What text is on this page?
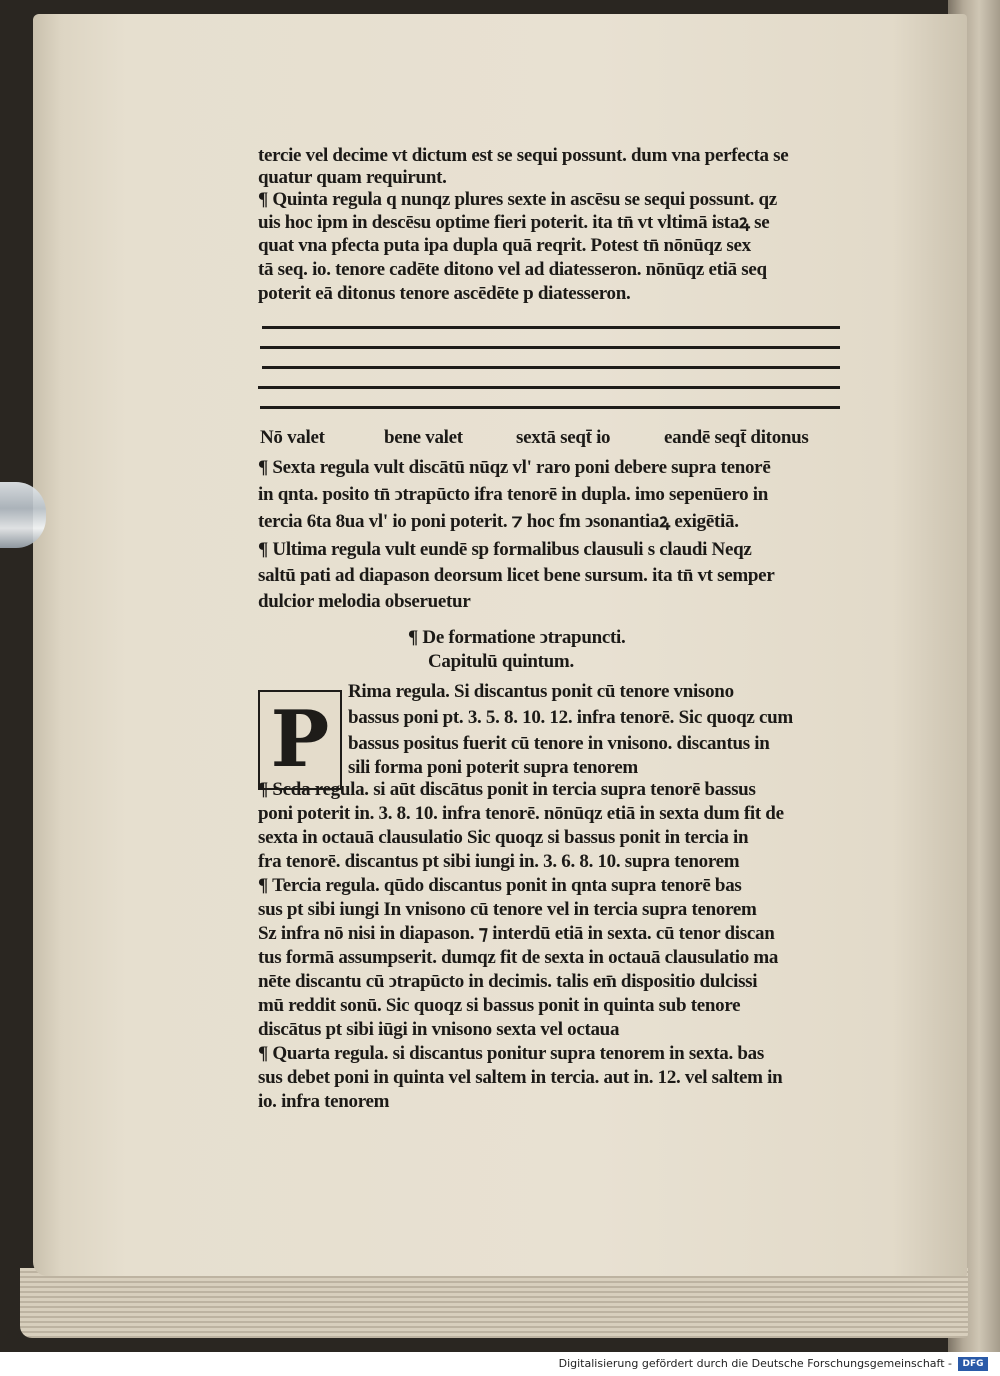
tercie vel decime vt dictum est se sequi possunt. dum vna perfecta se
quatur quam requirunt.
¶ Quinta regula q nunqz plures sexte in ascēsu se sequi possunt. qz
uis hoc ipm in descēsu optime fieri poterit. ita tn̄ vt vltimā istaꝝ se
quat vna pfecta puta ipa dupla quā reqrit. Potest tn̄ nōnūqz sex
tā seq. io. tenore cadēte ditono vel ad diatesseron. nōnūqz etiā seq
poterit eā ditonus tenore ascēdēte p diatesseron.
Nō valet	bene valet	sextā seqt̄ io	eandē seqt̄ ditonus
¶ Sexta regula vult discātū nūqz vl' raro poni debere supra tenorē
in qnta. posito tn̄ ↄtrapūcto ifra tenorē in dupla. imo sepenūero in
tercia 6ta 8ua vl' io poni poterit. ⁊ hoc fm ↄsonantiaꝝ exigētiā.
¶ Ultima regula vult eundē sp formalibus clausuli s claudi Neqz
saltū pati ad diapason deorsum licet bene sursum. ita tn̄ vt semper
dulcior melodia obseruetur
¶ De formatione ↄtrapuncti.
Capitulū quintum.
P
Rima regula. Si discantus ponit cū tenore vnisono
bassus poni pt. 3. 5. 8. 10. 12. infra tenorē. Sic quoqz cum
bassus positus fuerit cū tenore in vnisono. discantus in
sili forma poni poterit supra tenorem
¶ Scda regula. si aūt discātus ponit in tercia supra tenorē bassus
poni poterit in. 3. 8. 10. infra tenorē. nōnūqz etiā in sexta dum fit de
sexta in octauā clausulatio Sic quoqz si bassus ponit in tercia in
fra tenorē. discantus pt sibi iungi in. 3. 6. 8. 10. supra tenorem
¶ Tercia regula. qūdo discantus ponit in qnta supra tenorē bas
sus pt sibi iungi In vnisono cū tenore vel in tercia supra tenorem
Sz infra nō nisi in diapason. ⁊ interdū etiā in sexta. cū tenor discan
tus formā assumpserit. dumqz fit de sexta in octauā clausulatio ma
nēte discantu cū ↄtrapūcto in decimis. talis em̄ dispositio dulcissi
mū reddit sonū. Sic quoqz si bassus ponit in quinta sub tenore
discātus pt sibi iūgi in vnisono sexta vel octaua
¶ Quarta regula. si discantus ponitur supra tenorem in sexta. bas
sus debet poni in quinta vel saltem in tercia. aut in. 12. vel saltem in
io. infra tenorem
Digitalisierung gefördert durch die Deutsche Forschungsgemeinschaft -	DFG
